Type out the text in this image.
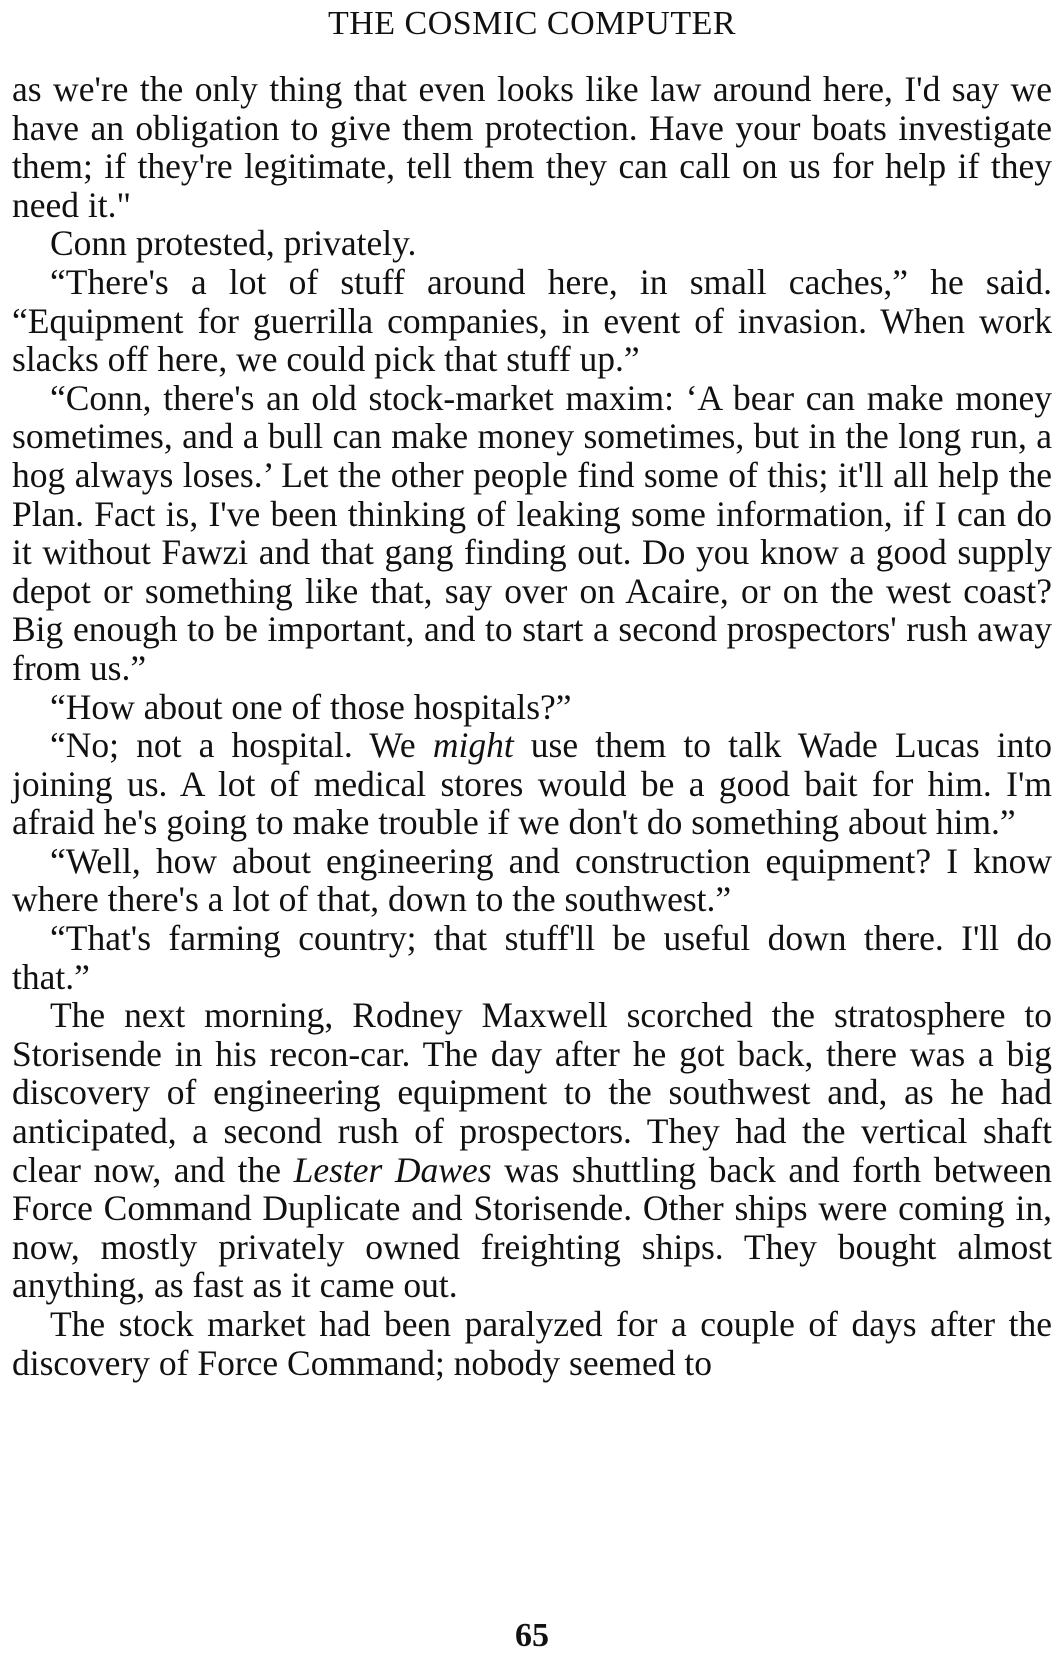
THE COSMIC COMPUTER

as we're the only thing that even looks like law around here, I'd say we have an obligation to give them protection. Have your boats investigate them; if they're legitimate, tell them they can call on us for help if they need it."

Conn protested, privately.

“There's a lot of stuff around here, in small caches,” he said. “Equipment for guerrilla companies, in event of invasion. When work slacks off here, we could pick that stuff up.”

“Conn, there's an old stock-market maxim: ‘A bear can make money sometimes, and a bull can make money sometimes, but in the long run, a hog always loses.’ Let the other people find some of this; it'll all help the Plan. Fact is, I've been thinking of leaking some information, if I can do it without Fawzi and that gang finding out. Do you know a good supply depot or something like that, say over on Acaire, or on the west coast? Big enough to be important, and to start a second prospectors' rush away from us.”

“How about one of those hospitals?”

“No; not a hospital. We might use them to talk Wade Lucas into joining us. A lot of medical stores would be a good bait for him. I'm afraid he's going to make trouble if we don't do something about him.”

“Well, how about engineering and construction equipment? I know where there's a lot of that, down to the southwest.”

“That's farming country; that stuff'll be useful down there. I'll do that.”

The next morning, Rodney Maxwell scorched the stratosphere to Storisende in his recon-car. The day after he got back, there was a big discovery of engineering equipment to the southwest and, as he had anticipated, a second rush of prospectors. They had the vertical shaft clear now, and the Lester Dawes was shuttling back and forth between Force Command Duplicate and Storisende. Other ships were coming in, now, mostly privately owned freighting ships. They bought almost anything, as fast as it came out.

The stock market had been paralyzed for a couple of days after the discovery of Force Command; nobody seemed to

65
